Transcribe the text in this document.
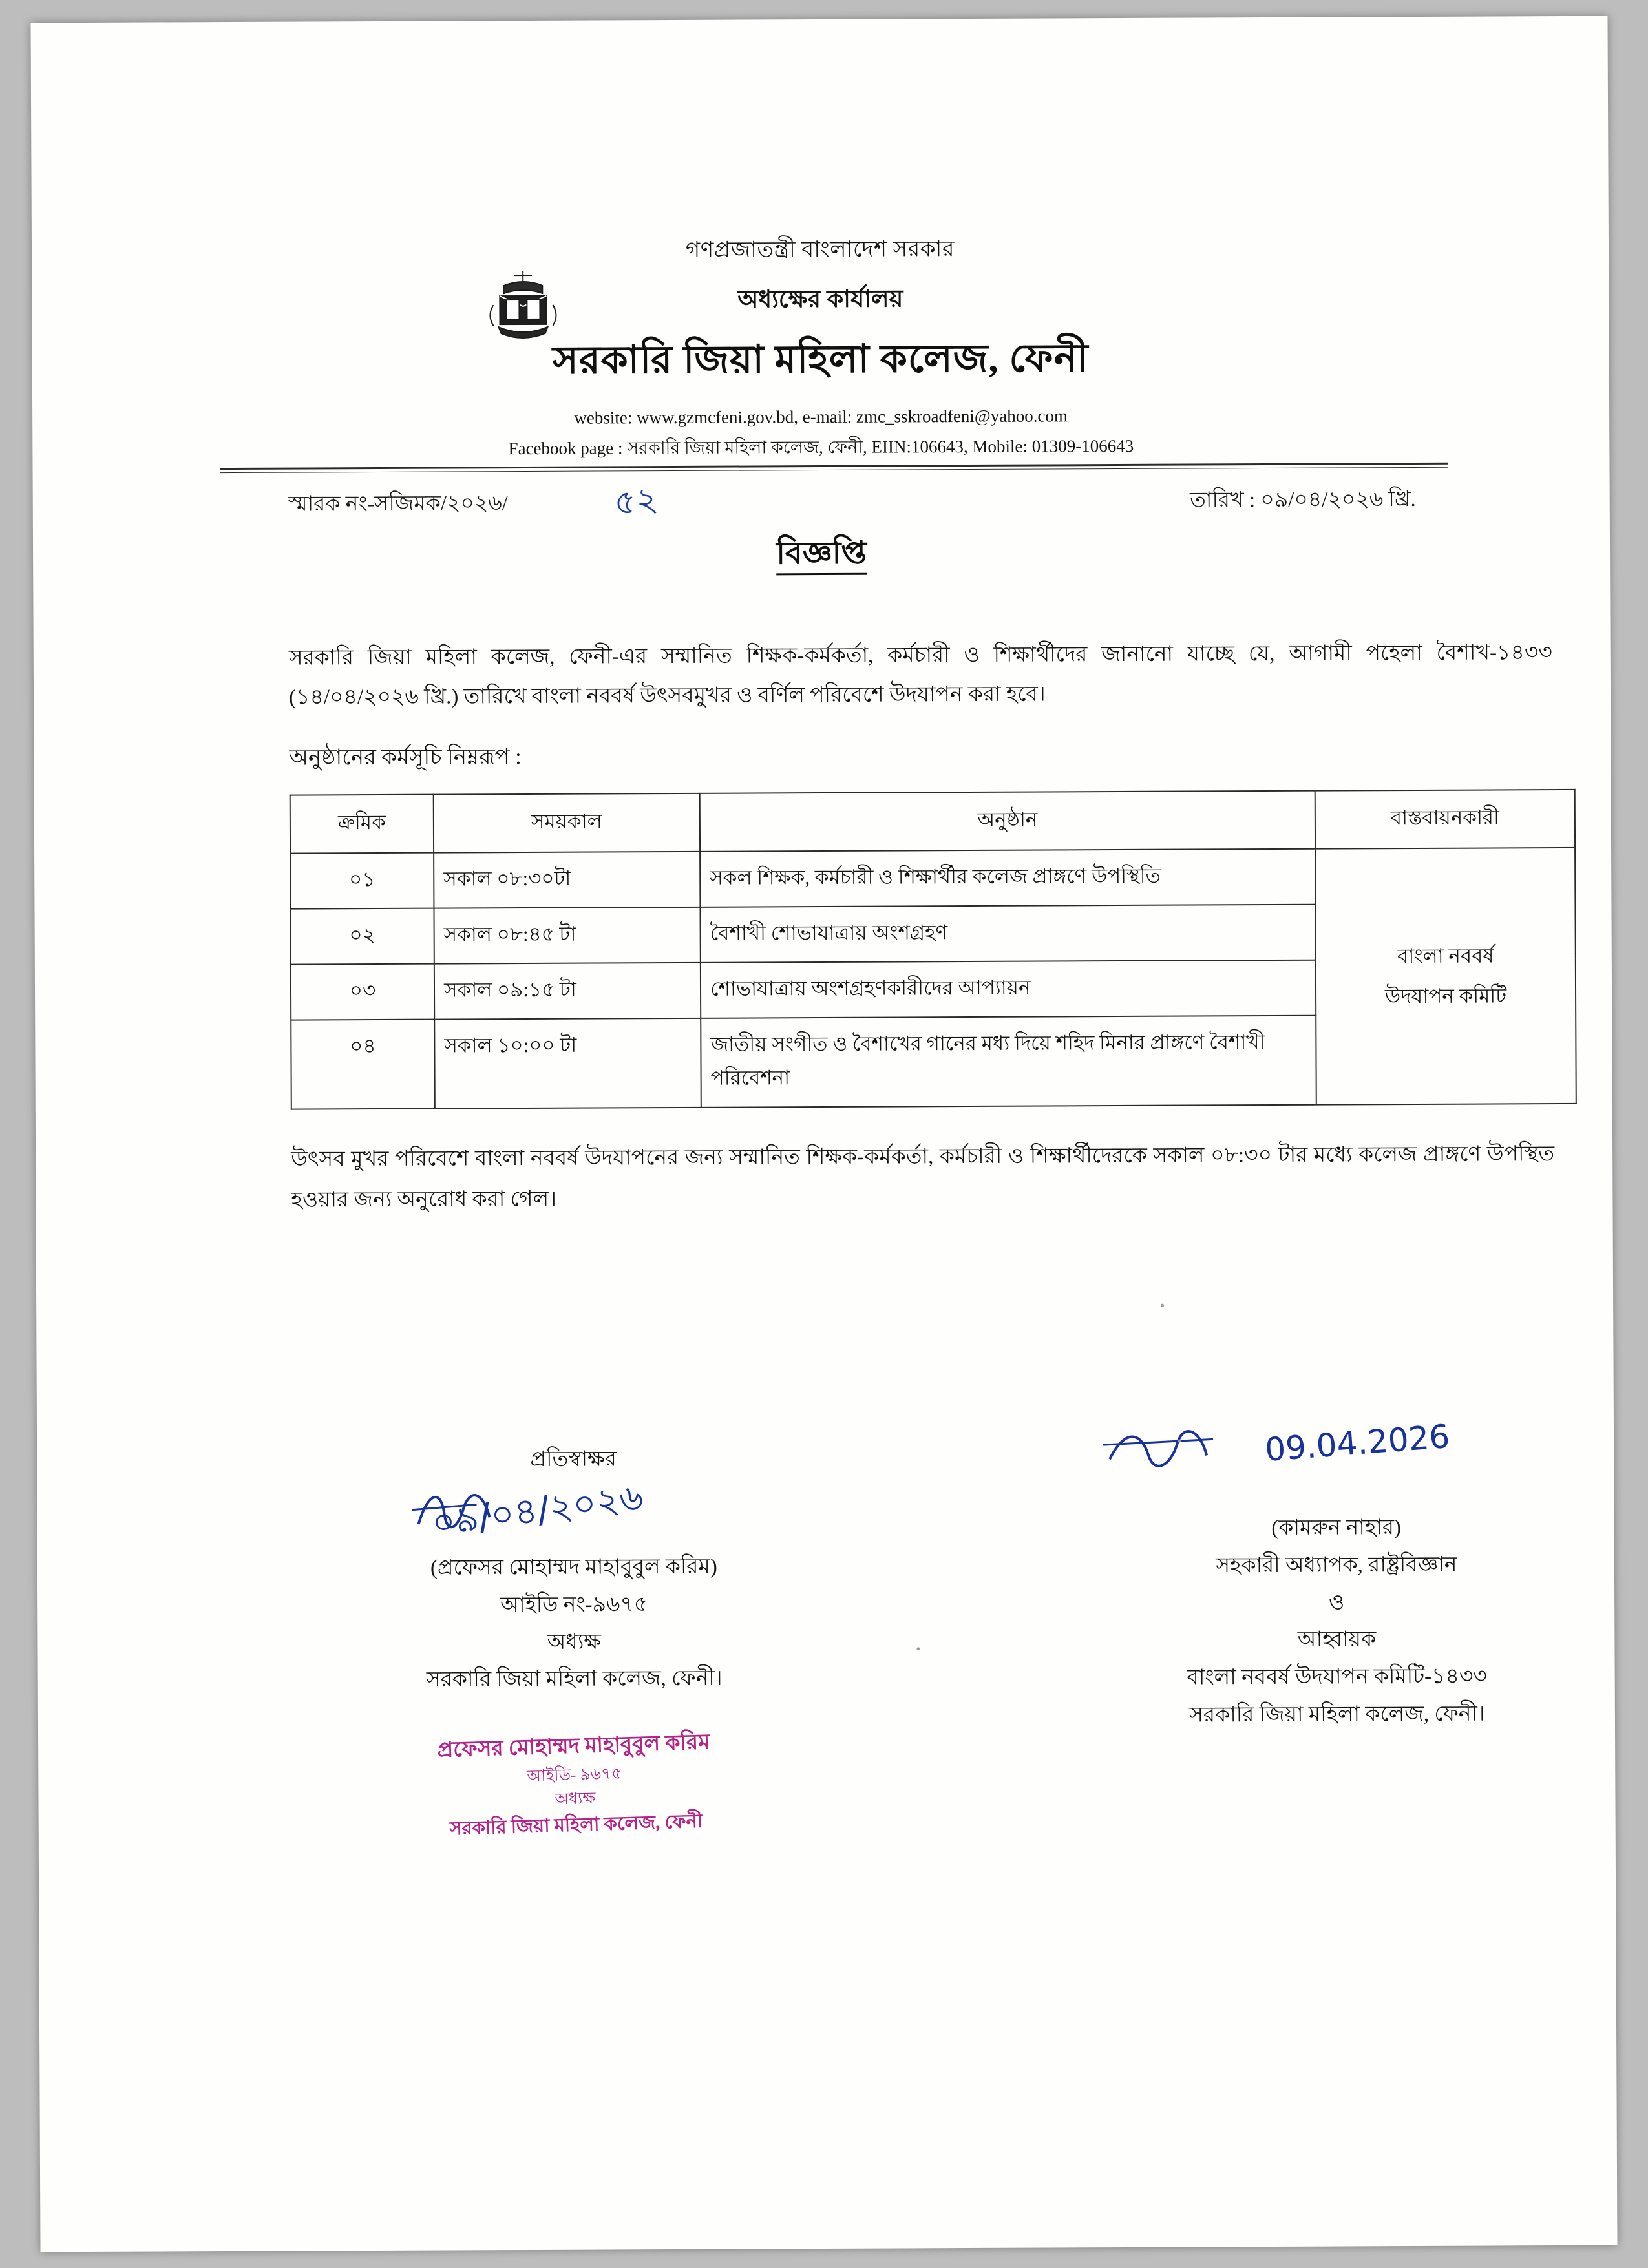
গণপ্রজাতন্ত্রী বাংলাদেশ সরকার
অধ্যক্ষের কার্যালয়
সরকারি জিয়া মহিলা কলেজ, ফেনী
website: www.gzmcfeni.gov.bd, e-mail: zmc_sskroadfeni@yahoo.com
Facebook page : সরকারি জিয়া মহিলা কলেজ, ফেনী, EIIN:106643, Mobile: 01309-106643
স্মারক নং-সজিমক/২০২৬/	৫২	তারিখ : ০৯/০৪/২০২৬ খ্রি.
বিজ্ঞপ্তি
সরকারি জিয়া মহিলা কলেজ, ফেনী-এর সম্মানিত শিক্ষক-কর্মকর্তা, কর্মচারী ও শিক্ষার্থীদের জানানো যাচ্ছে যে, আগামী পহেলা বৈশাখ-১৪৩৩ (১৪/০৪/২০২৬ খ্রি.) তারিখে বাংলা নববর্ষ উৎসবমুখর ও বর্ণিল পরিবেশে উদযাপন করা হবে।
অনুষ্ঠানের কর্মসূচি নিম্নরূপ :
ক্রমিক	সময়কাল	অনুষ্ঠান	বাস্তবায়নকারী
০১	সকাল ০৮:৩০টা	সকল শিক্ষক, কর্মচারী ও শিক্ষার্থীর কলেজ প্রাঙ্গণে উপস্থিতি	বাংলা নববর্ষ
উদযাপন কমিটি

০২	সকাল ০৮:৪৫ টা	বৈশাখী শোভাযাত্রায় অংশগ্রহণ	
০৩	সকাল ০৯:১৫ টা	শোভাযাত্রায় অংশগ্রহণকারীদের আপ্যায়ন	
০৪	সকাল ১০:০০ টা	জাতীয় সংগীত ও বৈশাখের গানের মধ্য দিয়ে শহিদ মিনার প্রাঙ্গণে বৈশাখী পরিবেশনা	
উৎসব মুখর পরিবেশে বাংলা নববর্ষ উদযাপনের জন্য সম্মানিত শিক্ষক-কর্মকর্তা, কর্মচারী ও শিক্ষার্থীদেরকে সকাল ০৮:৩০ টার মধ্যে কলেজ প্রাঙ্গণে উপস্থিত হওয়ার জন্য অনুরোধ করা গেল।
প্রতিস্বাক্ষর
০৯/০৪/২০২৬
(প্রফেসর মোহাম্মদ মাহাবুবুল করিম)
আইডি নং-৯৬৭৫
অধ্যক্ষ
সরকারি জিয়া মহিলা কলেজ, ফেনী।
প্রফেসর মোহাম্মদ মাহাবুবুল করিম
আইডি- ৯৬৭৫
অধ্যক্ষ
সরকারি জিয়া মহিলা কলেজ, ফেনী
09.04.2026
(কামরুন নাহার)
সহকারী অধ্যাপক, রাষ্ট্রবিজ্ঞান
ও
আহ্বায়ক
বাংলা নববর্ষ উদযাপন কমিটি-১৪৩৩
সরকারি জিয়া মহিলা কলেজ, ফেনী।
